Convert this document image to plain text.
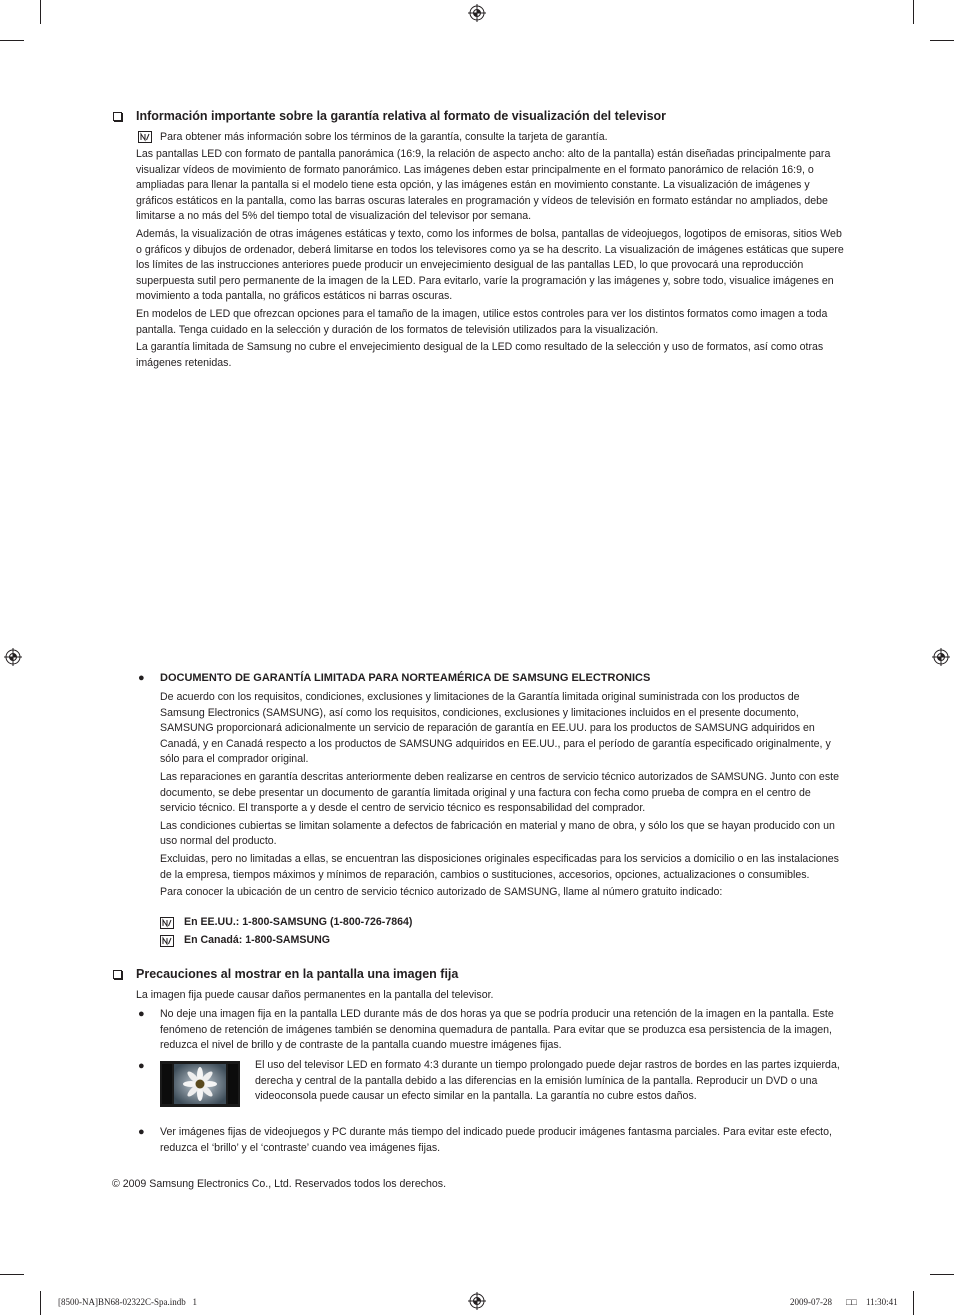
Información importante sobre la garantía relativa al formato de visualización del televisor
Para obtener más información sobre los términos de la garantía, consulte la tarjeta de garantía.

Las pantallas LED con formato de pantalla panorámica (16:9, la relación de aspecto ancho: alto de la pantalla) están diseñadas principalmente para visualizar vídeos de movimiento de formato panorámico. Las imágenes deben estar principalmente en el formato panorámico de relación 16:9, o ampliadas para llenar la pantalla si el modelo tiene esta opción, y las imágenes están en movimiento constante. La visualización de imágenes y gráficos estáticos en la pantalla, como las barras oscuras laterales en programación y vídeos de televisión en formato estándar no ampliados, debe limitarse a no más del 5% del tiempo total de visualización del televisor por semana.

Además, la visualización de otras imágenes estáticas y texto, como los informes de bolsa, pantallas de videojuegos, logotipos de emisoras, sitios Web o gráficos y dibujos de ordenador, deberá limitarse en todos los televisores como ya se ha descrito. La visualización de imágenes estáticas que supere los límites de las instrucciones anteriores puede producir un envejecimiento desigual de las pantallas LED, lo que provocará una reproducción superpuesta sutil pero permanente de la imagen de la LED. Para evitarlo, varíe la programación y las imágenes y, sobre todo, visualice imágenes en movimiento a toda pantalla, no gráficos estáticos ni barras oscuras.

En modelos de LED que ofrezcan opciones para el tamaño de la imagen, utilice estos controles para ver los distintos formatos como imagen a toda pantalla. Tenga cuidado en la selección y duración de los formatos de televisión utilizados para la visualización.

La garantía limitada de Samsung no cubre el envejecimiento desigual de la LED como resultado de la selección y uso de formatos, así como otras imágenes retenidas.

● DOCUMENTO DE GARANTÍA LIMITADA PARA NORTEAMÉRICA DE SAMSUNG ELECTRONICS

De acuerdo con los requisitos, condiciones, exclusiones y limitaciones de la Garantía limitada original suministrada con los productos de Samsung Electronics (SAMSUNG), así como los requisitos, condiciones, exclusiones y limitaciones incluidos en el presente documento, SAMSUNG proporcionará adicionalmente un servicio de reparación de garantía en EE.UU. para los productos de SAMSUNG adquiridos en Canadá, y en Canadá respecto a los productos de SAMSUNG adquiridos en EE.UU., para el período de garantía especificado originalmente, y sólo para el comprador original.

Las reparaciones en garantía descritas anteriormente deben realizarse en centros de servicio técnico autorizados de SAMSUNG. Junto con este documento, se debe presentar un documento de garantía limitada original y una factura con fecha como prueba de compra en el centro de servicio técnico. El transporte a y desde el centro de servicio técnico es responsabilidad del comprador.

Las condiciones cubiertas se limitan solamente a defectos de fabricación en material y mano de obra, y sólo los que se hayan producido con un uso normal del producto.

Excluidas, pero no limitadas a ellas, se encuentran las disposiciones originales especificadas para los servicios a domicilio o en las instalaciones de la empresa, tiempos máximos y mínimos de reparación, cambios o sustituciones, accesorios, opciones, actualizaciones o consumibles.

Para conocer la ubicación de un centro de servicio técnico autorizado de SAMSUNG, llame al número gratuito indicado:

En EE.UU.: 1-800-SAMSUNG (1-800-726-7864)
En Canadá: 1-800-SAMSUNG
Precauciones al mostrar en la pantalla una imagen fija
La imagen fija puede causar daños permanentes en la pantalla del televisor.
● No deje una imagen fija en la pantalla LED durante más de dos horas ya que se podría producir una retención de la imagen en la pantalla. Este fenómeno de retención de imágenes también se denomina quemadura de pantalla. Para evitar que se produzca esa persistencia de la imagen, reduzca el nivel de brillo y de contraste de la pantalla cuando muestre imágenes fijas.
●	El uso del televisor LED en formato 4:3 durante un tiempo prolongado puede dejar rastros de bordes en las partes izquierda, derecha y central de la pantalla debido a las diferencias en la emisión lumínica de la pantalla. Reproducir un DVD o una videoconsola puede causar un efecto similar en la pantalla. La garantía no cubre estos daños.
● Ver imágenes fijas de videojuegos y PC durante más tiempo del indicado puede producir imágenes fantasma parciales. Para evitar este efecto, reduzca el ‘brillo’ y el ‘contraste’ cuando vea imágenes fijas.
© 2009 Samsung Electronics Co., Ltd. Reservados todos los derechos.
[8500-NA]BN68-02322C-Spa.indb   1	2009-07-28 □□ 11:30:41
